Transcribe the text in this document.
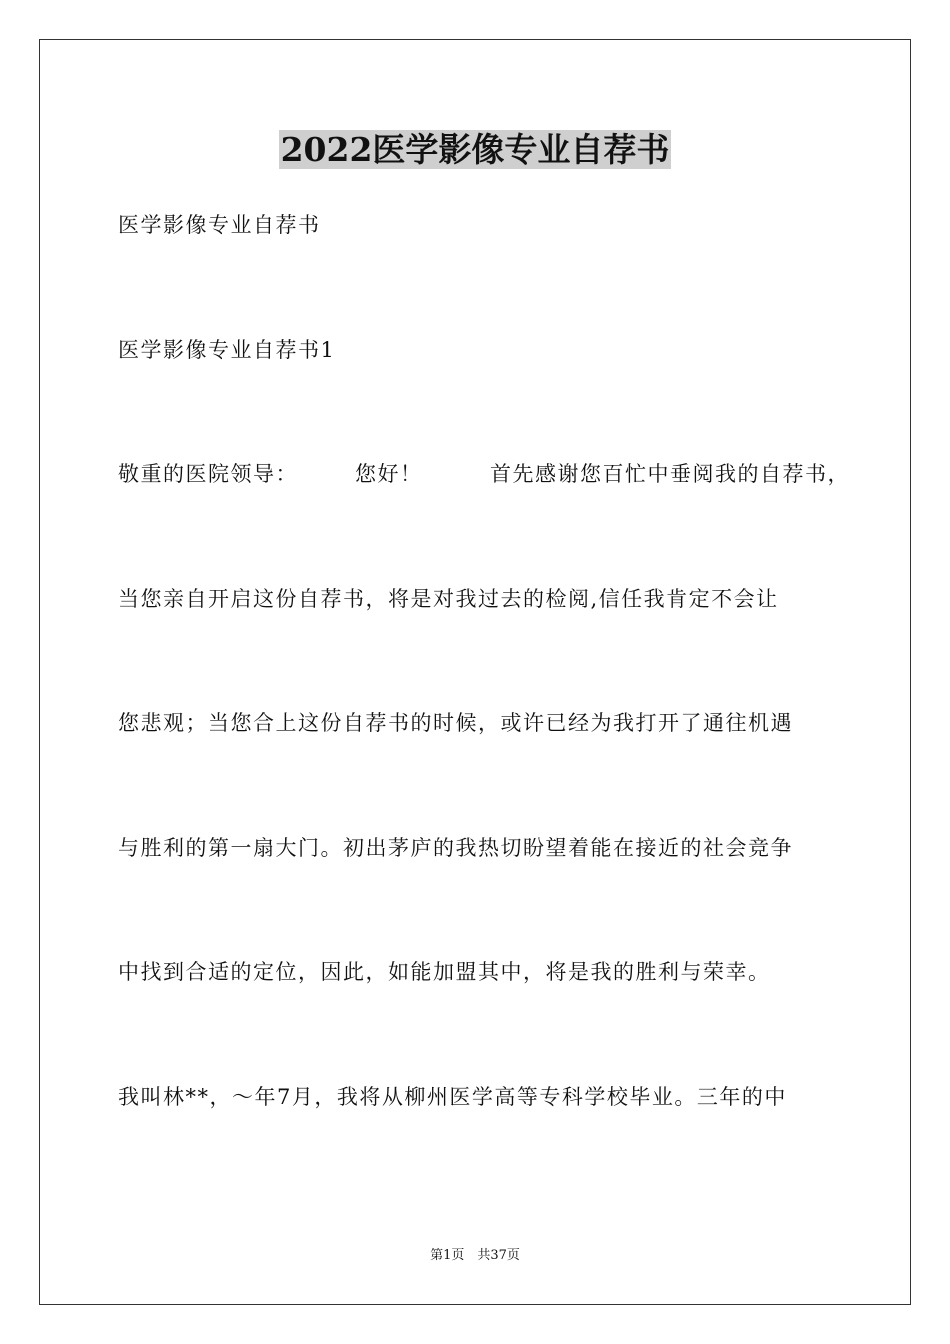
2022医学影像专业自荐书
医学影像专业自荐书
医学影像专业自荐书1
敬重的医院领导：　　　您好！　　　首先感谢您百忙中垂阅我的自荐书，
当您亲自开启这份自荐书，将是对我过去的检阅,信任我肯定不会让
您悲观；当您合上这份自荐书的时候，或许已经为我打开了通往机遇
与胜利的第一扇大门。初出茅庐的我热切盼望着能在接近的社会竞争
中找到合适的定位，因此，如能加盟其中，将是我的胜利与荣幸。
我叫林**，～年7月，我将从柳州医学高等专科学校毕业。三年的中
第1页　共37页
